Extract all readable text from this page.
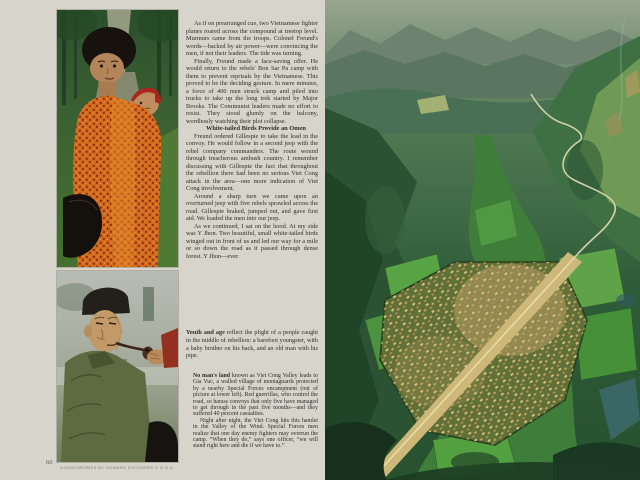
As if on prearranged cue, two Vietnamese fighter planes roared across the compound at treetop level. Murmurs came from the troops. Colonel Freund's words—backed by air power—were convincing the men, if not their leaders. The tide was turning.

Finally, Freund made a face-saving offer. He would return to the rebels' Bon Sar Pa camp with them to prevent reprisals by the Vietnamese. This proved to be the deciding gesture. In mere minutes, a force of 400 men struck camp and piled into trucks to take up the long trek started by Major Brooks. The Communist leaders made no effort to resist. They stood glumly on the balcony, wordlessly watching their plot collapse.

White-tailed Birds Provide an Omen

Freund ordered Gillespie to take the lead in the convoy. He would follow in a second jeep with the rebel company commanders. The route wound through treacherous ambush country. I remember discussing with Gillespie the fact that throughout the rebellion there had been no serious Viet Cong attack in the area—one more indication of Viet Cong involvement.

Around a sharp turn we came upon an overturned jeep with five rebels sprawled across the road. Gillespie braked, jumped out, and gave first aid. We loaded the men into our jeep.

As we continued, I sat on the hood. At my side was Y Jhon. Two beautiful, small white-tailed birds winged out in front of us and led our way for a mile or so down the road as it passed through dense forest. Y Jhon—ever

Youth and age reflect the plight of a people caught in the middle of rebellion: a barefoot youngster, with a baby brother on his back, and an old man with his pipe.

No man's land known as Viet Cong Valley leads to Gia Vuc, a walled village of montagnards protected by a nearby Special Forces encampment (out of picture at lower left). Red guerrillas, who control the road, so harass convoys that only five have managed to get through in the past five months—and they suffered 40 percent casualties.

Night after night, the Viet Cong hits this hamlet in the Valley of the Wind. Special Forces men realize that one day enemy fighters may overrun the camp. “When they do,” says one officer, “we will stand right here and die if we have to.”

KODACHROMES BY HOWARD SOCHUREK © N.G.S.
60
